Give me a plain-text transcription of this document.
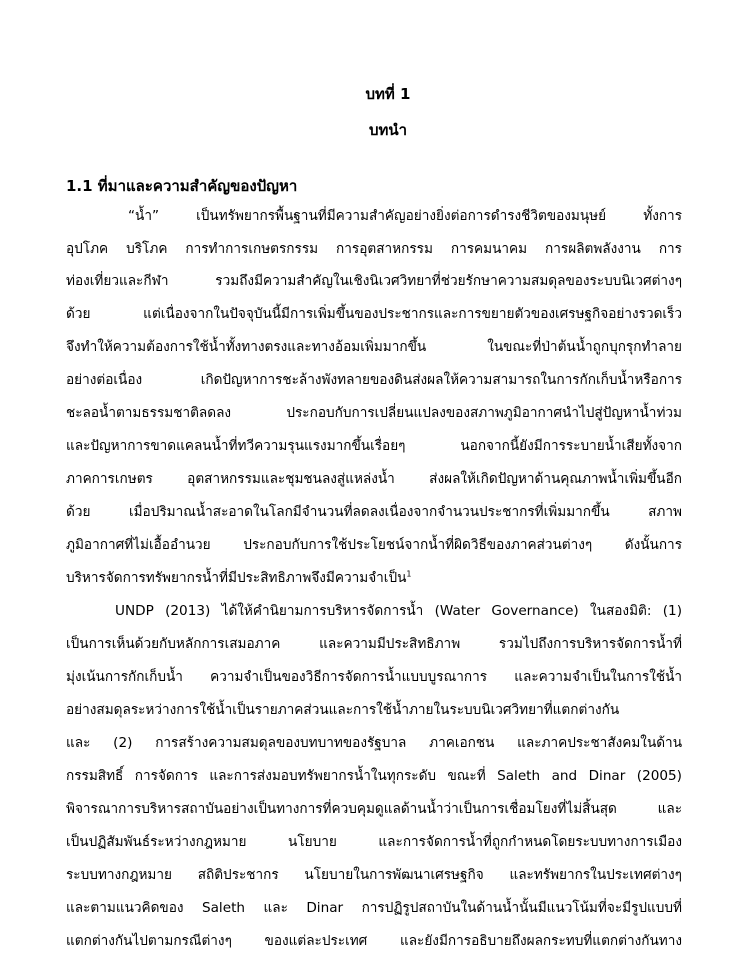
บทที่ 1
บทนำ
1.1 ที่มาและความสำคัญของปัญหา
“น้ำ” เป็นทรัพยากรพื้นฐานที่มีความสำคัญอย่างยิ่งต่อการดำรงชีวิตของมนุษย์ ทั้งการ
อุปโภค บริโภค การทำการเกษตรกรรม การอุตสาหกรรม การคมนาคม การผลิตพลังงาน การ
ท่องเที่ยวและกีฬา รวมถึงมีความสำคัญในเชิงนิเวศวิทยาที่ช่วยรักษาความสมดุลของระบบนิเวศต่างๆ
ด้วย แต่เนื่องจากในปัจจุบันนี้มีการเพิ่มขึ้นของประชากรและการขยายตัวของเศรษฐกิจอย่างรวดเร็ว
จึงทำให้ความต้องการใช้น้ำทั้งทางตรงและทางอ้อมเพิ่มมากขึ้น ในขณะที่ป่าต้นน้ำถูกบุกรุกทำลาย
อย่างต่อเนื่อง เกิดปัญหาการชะล้างพังทลายของดินส่งผลให้ความสามารถในการกักเก็บน้ำหรือการ
ชะลอน้ำตามธรรมชาติลดลง ประกอบกับการเปลี่ยนแปลงของสภาพภูมิอากาศนำไปสู่ปัญหาน้ำท่วม
และปัญหาการขาดแคลนน้ำที่ทวีความรุนแรงมากขึ้นเรื่อยๆ นอกจากนี้ยังมีการระบายน้ำเสียทั้งจาก
ภาคการเกษตร อุตสาหกรรมและชุมชนลงสู่แหล่งน้ำ ส่งผลให้เกิดปัญหาด้านคุณภาพน้ำเพิ่มขึ้นอีก
ด้วย เมื่อปริมาณน้ำสะอาดในโลกมีจำนวนที่ลดลงเนื่องจากจำนวนประชากรที่เพิ่มมากขึ้น สภาพ
ภูมิอากาศที่ไม่เอื้ออำนวย ประกอบกับการใช้ประโยชน์จากน้ำที่ผิดวิธีของภาคส่วนต่างๆ ดังนั้นการ
บริหารจัดการทรัพยากรน้ำที่มีประสิทธิภาพจึงมีความจำเป็น$^1$
UNDP (2013) ได้ให้คำนิยามการบริหารจัดการน้ำ (Water Governance) ในสองมิติ: (1)
เป็นการเห็นด้วยกับหลักการเสมอภาค และความมีประสิทธิภาพ รวมไปถึงการบริหารจัดการน้ำที่
มุ่งเน้นการกักเก็บน้ำ ความจำเป็นของวิธีการจัดการน้ำแบบบูรณาการ และความจำเป็นในการใช้น้ำ
อย่างสมดุลระหว่างการใช้น้ำเป็นรายภาคส่วนและการใช้น้ำภายในระบบนิเวศวิทยาที่แตกต่างกัน
และ (2) การสร้างความสมดุลของบทบาทของรัฐบาล ภาคเอกชน และภาคประชาสังคมในด้าน
กรรมสิทธิ์ การจัดการ และการส่งมอบทรัพยากรน้ำในทุกระดับ ขณะที่ Saleth and Dinar (2005)
พิจารณาการบริหารสถาบันอย่างเป็นทางการที่ควบคุมดูแลด้านน้ำว่าเป็นการเชื่อมโยงที่ไม่สิ้นสุด และ
เป็นปฏิสัมพันธ์ระหว่างกฎหมาย นโยบาย และการจัดการน้ำที่ถูกกำหนดโดยระบบทางการเมือง
ระบบทางกฎหมาย สถิติประชากร นโยบายในการพัฒนาเศรษฐกิจ และทรัพยากรในประเทศต่างๆ
และตามแนวคิดของ Saleth และ Dinar การปฏิรูปสถาบันในด้านน้ำนั้นมีแนวโน้มที่จะมีรูปแบบที่
แตกต่างกันไปตามกรณีต่างๆ ของแต่ละประเทศ และยังมีการอธิบายถึงผลกระทบที่แตกต่างกันทาง
